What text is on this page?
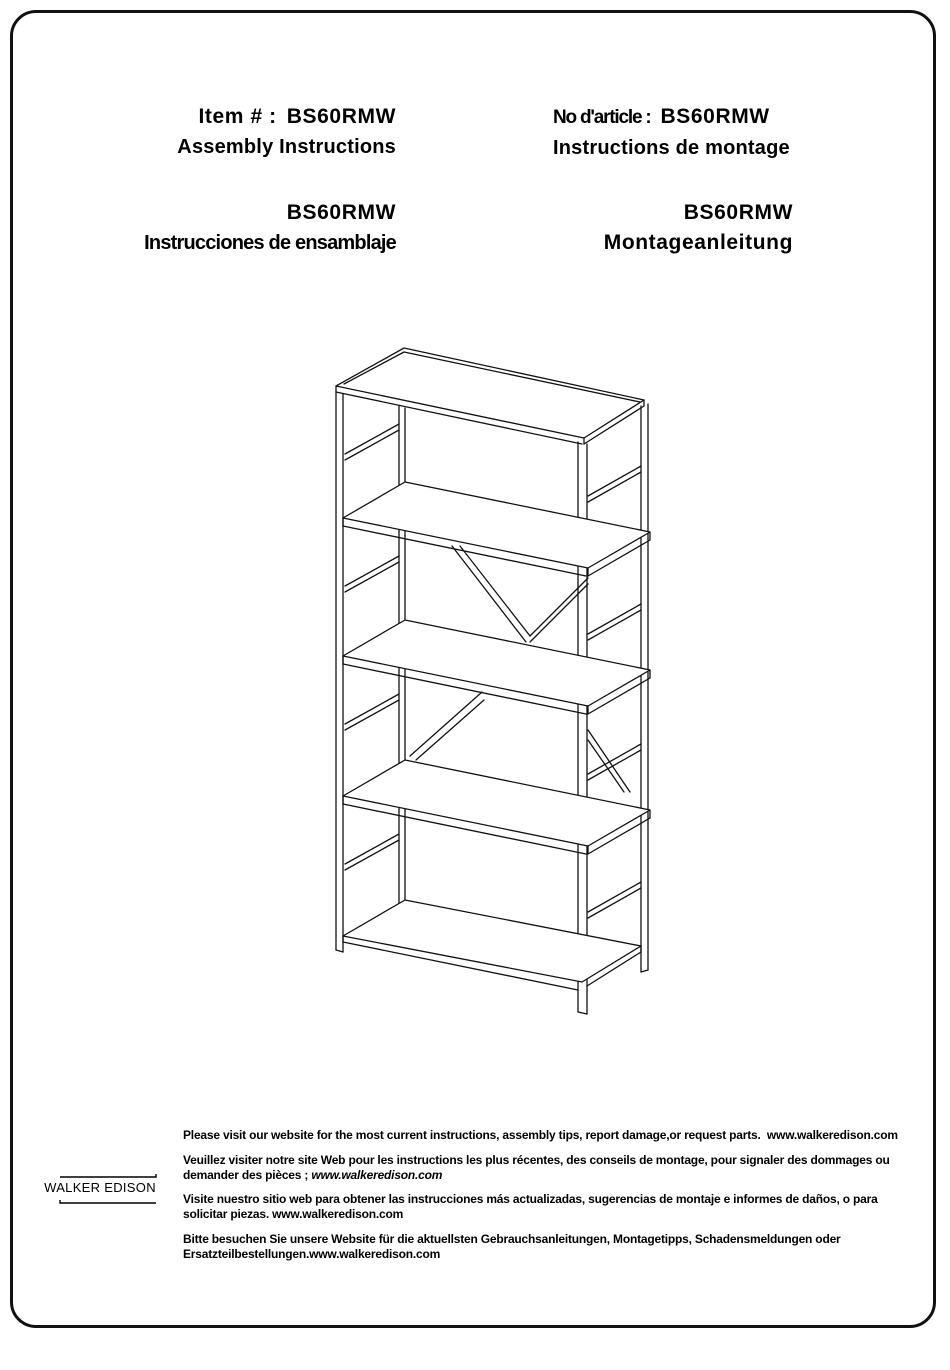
Item # : BS60RMW
Assembly Instructions
No d'article : BS60RMW
Instructions de montage
BS60RMW
Instrucciones de ensamblaje
BS60RMW
Montageanleitung
Please visit our website for the most current instructions, assembly tips, report damage,or request parts. www.walkeredison.com
Veuillez visiter notre site Web pour les instructions les plus récentes, des conseils de montage, pour signaler des dommages ou demander des pièces ; www.walkeredison.com
Visite nuestro sitio web para obtener las instrucciones más actualizadas, sugerencias de montaje e informes de daños, o para solicitar piezas. www.walkeredison.com
Bitte besuchen Sie unsere Website für die aktuellsten Gebrauchsanleitungen, Montagetipps, Schadensmeldungen oder Ersatzteilbestellungen.www.walkeredison.com
WALKER EDISON
